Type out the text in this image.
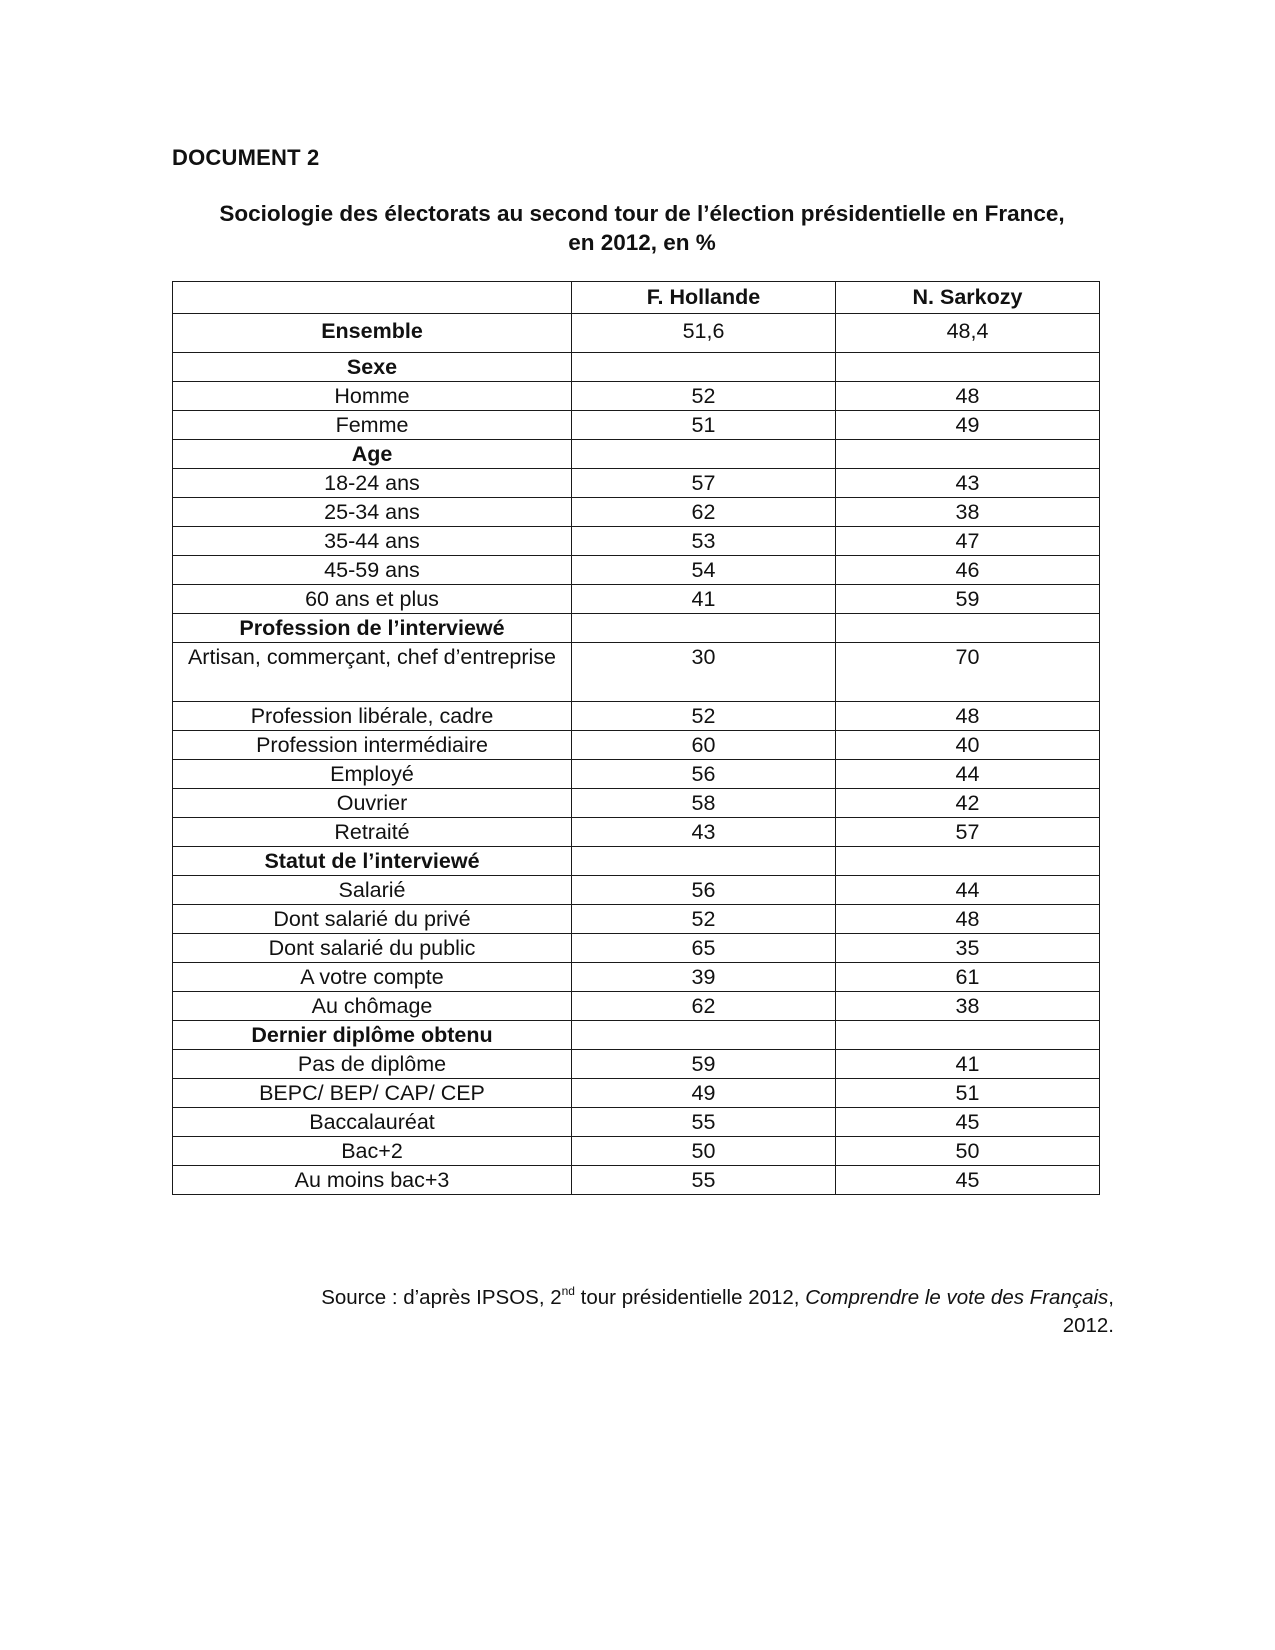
DOCUMENT 2
Sociologie des électorats au second tour de l’élection présidentielle en France,
en 2012, en %
	F. Hollande	N. Sarkozy
Ensemble	51,6	48,4
Sexe		
Homme	52	48
Femme	51	49
Age		
18-24 ans	57	43
25-34 ans	62	38
35-44 ans	53	47
45-59 ans	54	46
60 ans et plus	41	59
Profession de l’interviewé		
Artisan, commerçant, chef d’entreprise	30	70
Profession libérale, cadre	52	48
Profession intermédiaire	60	40
Employé	56	44
Ouvrier	58	42
Retraité	43	57
Statut de l’interviewé		
Salarié	56	44
Dont salarié du privé	52	48
Dont salarié du public	65	35
A votre compte	39	61
Au chômage	62	38
Dernier diplôme obtenu		
Pas de diplôme	59	41
BEPC/ BEP/ CAP/ CEP	49	51
Baccalauréat	55	45
Bac+2	50	50
Au moins bac+3	55	45
Source : d’après IPSOS, 2nd tour présidentielle 2012, Comprendre le vote des Français,
2012.
